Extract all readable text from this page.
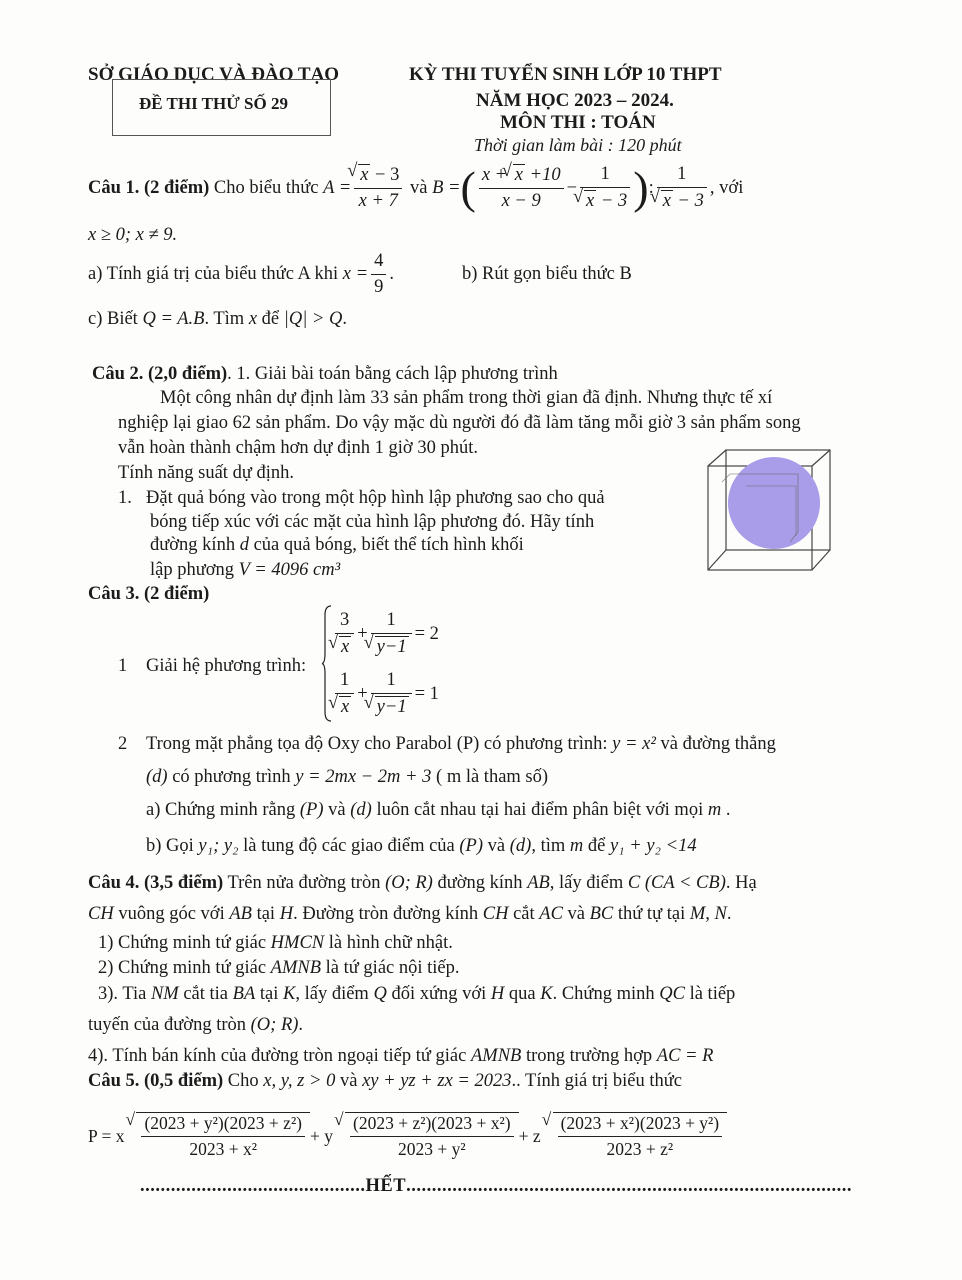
SỞ GIÁO DỤC VÀ ĐÀO TẠO
ĐỀ THI THỬ SỐ 29
KỲ THI TUYỂN SINH LỚP 10 THPT
NĂM HỌC 2023 – 2024.
MÔN THI : TOÁN
Thời gian làm bài : 120 phút
Câu 1. (2 điểm)
Cho biểu thức
A = √ $\frac{x - 3}{x + 7}$
và
B = ( $\frac{x + √ x +10}{x - 9} - 1$
√ x − 3 ) : 1
√ x − 3 , với
x ≥ 0; x ≠ 9.
a) Tính giá trị của biểu thức A khi
$x = \frac{4}{9}$ .	b) Rút gọn biểu thức B
c) Biết Q = A.B. Tìm x để |Q| > Q.
Câu 2. (2,0 điểm). 1. Giải bài toán bằng cách lập phương trình
Một công nhân dự định làm 33 sản phẩm trong thời gian đã định. Nhưng thực tế xí
nghiệp lại giao 62 sản phẩm. Do vậy mặc dù người đó đã làm tăng mỗi giờ 3 sản phẩm song
vẫn hoàn thành chậm hơn dự định 1 giờ 30 phút.
Tính năng suất dự định.
1. Đặt quả bóng vào trong một hộp hình lập phương sao cho quả
bóng tiếp xúc với các mặt của hình lập phương đó. Hãy tính
đường kính d của quả bóng, biết thể tích hình khối
lập phương V = 4096 cm³
Câu 3. (2 điểm)
1 Giải hệ phương trình:
3
√ x + 1
√ y−1 = 2
1
√ x + 1
√ y−1 = 1
2 Trong mặt phẳng tọa độ Oxy cho Parabol (P) có phương trình: y = x² và đường thẳng
(d) có phương trình y = 2mx − 2m + 3 ( m là tham số)
a) Chứng minh rằng (P) và (d) luôn cắt nhau tại hai điểm phân biệt với mọi m .
b) Gọi y₁; y₂ là tung độ các giao điểm của (P) và (d), tìm m để y₁ + y₂ <14
Câu 4. (3,5 điểm) Trên nửa đường tròn (O; R) đường kính AB, lấy điểm C (CA < CB). Hạ
CH vuông góc với AB tại H. Đường tròn đường kính CH cắt AC và BC thứ tự tại M, N.
1) Chứng minh tứ giác HMCN là hình chữ nhật.
2) Chứng minh tứ giác AMNB là tứ giác nội tiếp.
3). Tia NM cắt tia BA tại K, lấy điểm Q đối xứng với H qua K. Chứng minh QC là tiếp
tuyến của đường tròn (O; R).
4). Tính bán kính của đường tròn ngoại tiếp tứ giác AMNB trong trường hợp AC = R
Câu 5. (0,5 điểm) Cho x, y, z > 0 và xy + yz + zx = 2023.. Tính giá trị biểu thức
P = x √ $\frac{\text{(2023 + y²)(2023 + z²)}}{\text{2023 + x²}} + y$ √ $\frac{\text{(2023 + z²)(2023 + x²)}}{\text{2023 + y²}} + z$ √ $\frac{\text{(2023 + x²)(2023 + y²)}}{\text{2023 + z²}}$
............................................HẾT.......................................................................................
